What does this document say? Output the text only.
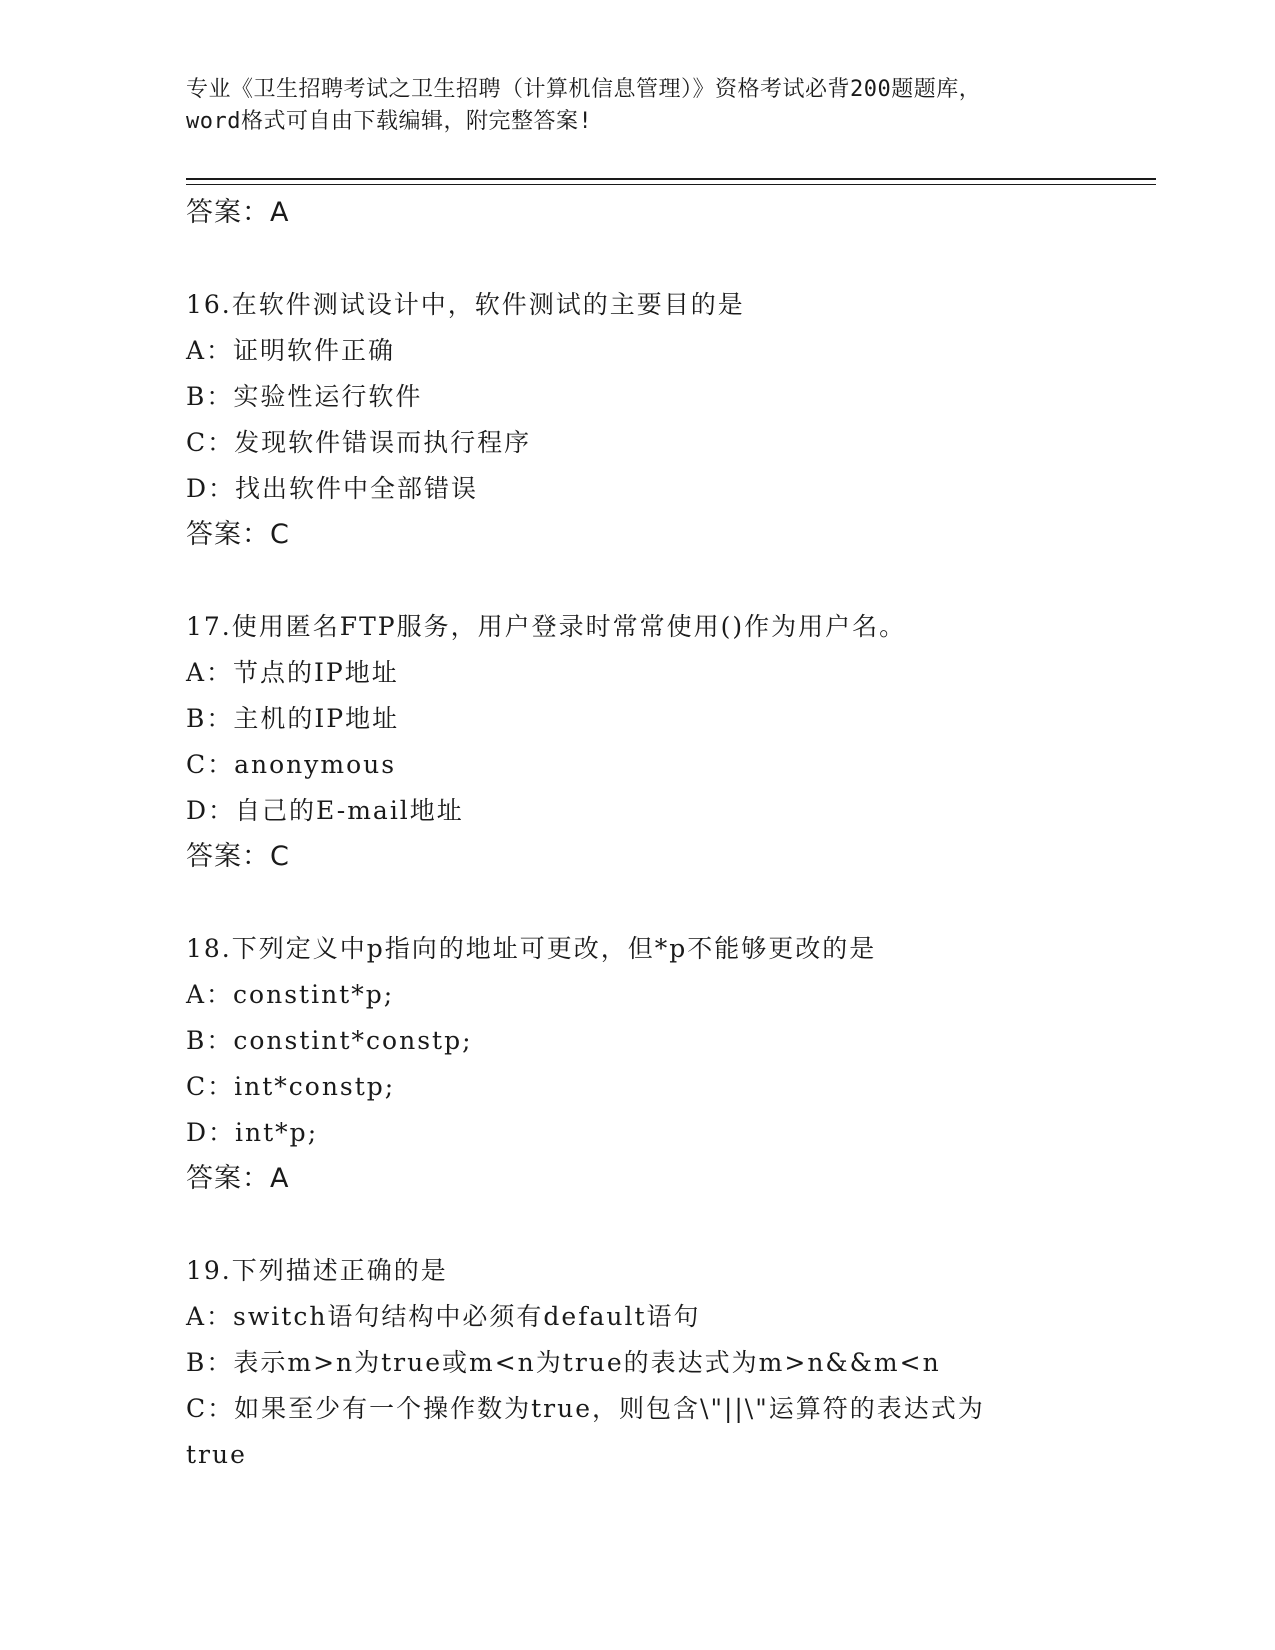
专业《卫生招聘考试之卫生招聘（计算机信息管理）》资格考试必背200题题库，
word格式可自由下载编辑，附完整答案!
答案：A
16.在软件测试设计中，软件测试的主要目的是
A：证明软件正确
B：实验性运行软件
C：发现软件错误而执行程序
D：找出软件中全部错误
答案：C
17.使用匿名FTP服务，用户登录时常常使用()作为用户名。
A：节点的IP地址
B：主机的IP地址
C：anonymous
D：自己的E-mail地址
答案：C
18.下列定义中p指向的地址可更改，但*p不能够更改的是
A：constint*p;
B：constint*constp;
C：int*constp;
D：int*p;
答案：A
19.下列描述正确的是
A：switch语句结构中必须有default语句
B：表示m>n为true或m<n为true的表达式为m>n&&m<n
C：如果至少有一个操作数为true，则包含\"||\"运算符的表达式为
true
